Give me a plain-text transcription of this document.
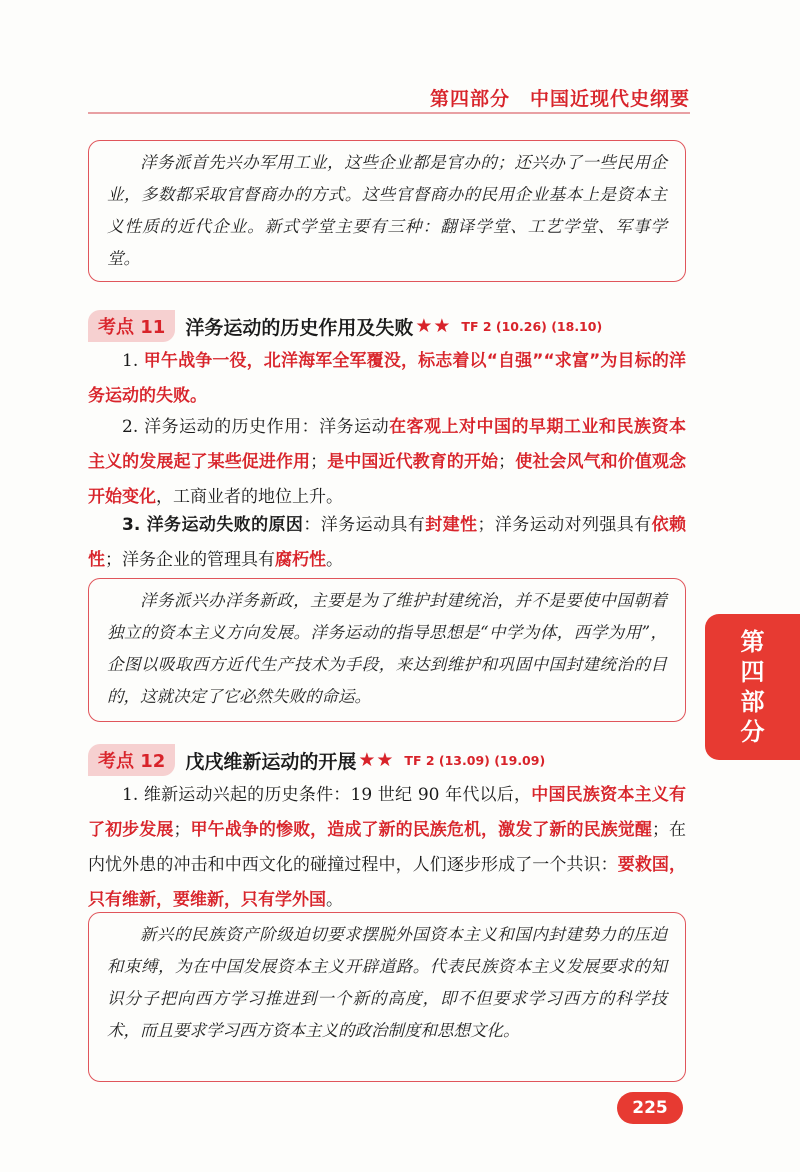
第四部分　中国近现代史纲要
洋务派首先兴办军用工业，这些企业都是官办的；还兴办了一些民用企业，多数都采取官督商办的方式。这些官督商办的民用企业基本上是资本主义性质的近代企业。新式学堂主要有三种：翻译学堂、工艺学堂、军事学堂。
考点 11	洋务运动的历史作用及失败 ★★ TF 2 (10.26) (18.10)
1. 甲午战争一役，北洋海军全军覆没，标志着以“自强”“求富”为目标的洋务运动的失败。
2. 洋务运动的历史作用：洋务运动在客观上对中国的早期工业和民族资本主义的发展起了某些促进作用；是中国近代教育的开始；使社会风气和价值观念开始变化，工商业者的地位上升。
3. 洋务运动失败的原因：洋务运动具有封建性；洋务运动对列强具有依赖性；洋务企业的管理具有腐朽性。
洋务派兴办洋务新政，主要是为了维护封建统治，并不是要使中国朝着独立的资本主义方向发展。洋务运动的指导思想是“中学为体，西学为用”，企图以吸取西方近代生产技术为手段，来达到维护和巩固中国封建统治的目的，这就决定了它必然失败的命运。
考点 12	戊戌维新运动的开展 ★★ TF 2 (13.09) (19.09)
1. 维新运动兴起的历史条件：19 世纪 90 年代以后，中国民族资本主义有了初步发展；甲午战争的惨败，造成了新的民族危机，激发了新的民族觉醒；在内忧外患的冲击和中西文化的碰撞过程中，人们逐步形成了一个共识：要救国，只有维新，要维新，只有学外国。
新兴的民族资产阶级迫切要求摆脱外国资本主义和国内封建势力的压迫和束缚，为在中国发展资本主义开辟道路。代表民族资本主义发展要求的知识分子把向西方学习推进到一个新的高度，即不但要求学习西方的科学技术，而且要求学习西方资本主义的政治制度和思想文化。
第四部分
225
